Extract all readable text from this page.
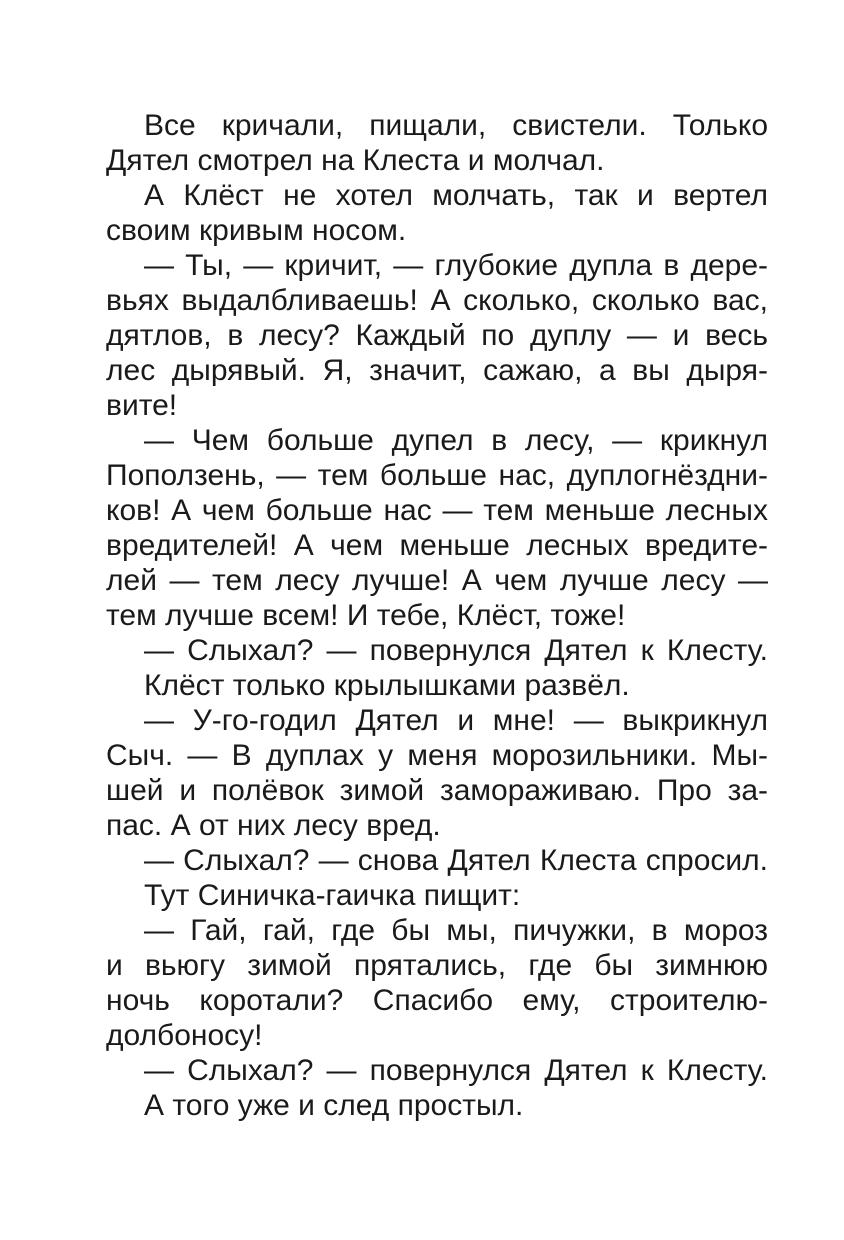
Все кричали, пищали, свистели. Только
Дятел смотрел на Клеста и молчал.
А Клёст не хотел молчать, так и вертел
своим кривым носом.
— Ты, — кричит, — глубокие дупла в дере-
вьях выдалбливаешь! А сколько, сколько вас,
дятлов, в лесу? Каждый по дуплу — и весь
лес дырявый. Я, значит, сажаю, а вы дыря-
вите!
— Чем больше дупел в лесу, — крикнул
Поползень, — тем больше нас, дуплогнёздни-
ков! А чем больше нас — тем меньше лесных
вредителей! А чем меньше лесных вредите-
лей — тем лесу лучше! А чем лучше лесу —
тем лучше всем! И тебе, Клёст, тоже!
— Слыхал? — повернулся Дятел к Клесту.
Клёст только крылышками развёл.
— У-го-годил Дятел и мне! — выкрикнул
Сыч. — В дуплах у меня морозильники. Мы-
шей и полёвок зимой замораживаю. Про за-
пас. А от них лесу вред.
— Слыхал? — снова Дятел Клеста спросил.
Тут Синичка-гаичка пищит:
— Гай, гай, где бы мы, пичужки, в мороз
и вьюгу зимой прятались, где бы зимнюю
ночь коротали? Спасибо ему, строителю-
долбоносу!
— Слыхал? — повернулся Дятел к Клесту.
А того уже и след простыл.
